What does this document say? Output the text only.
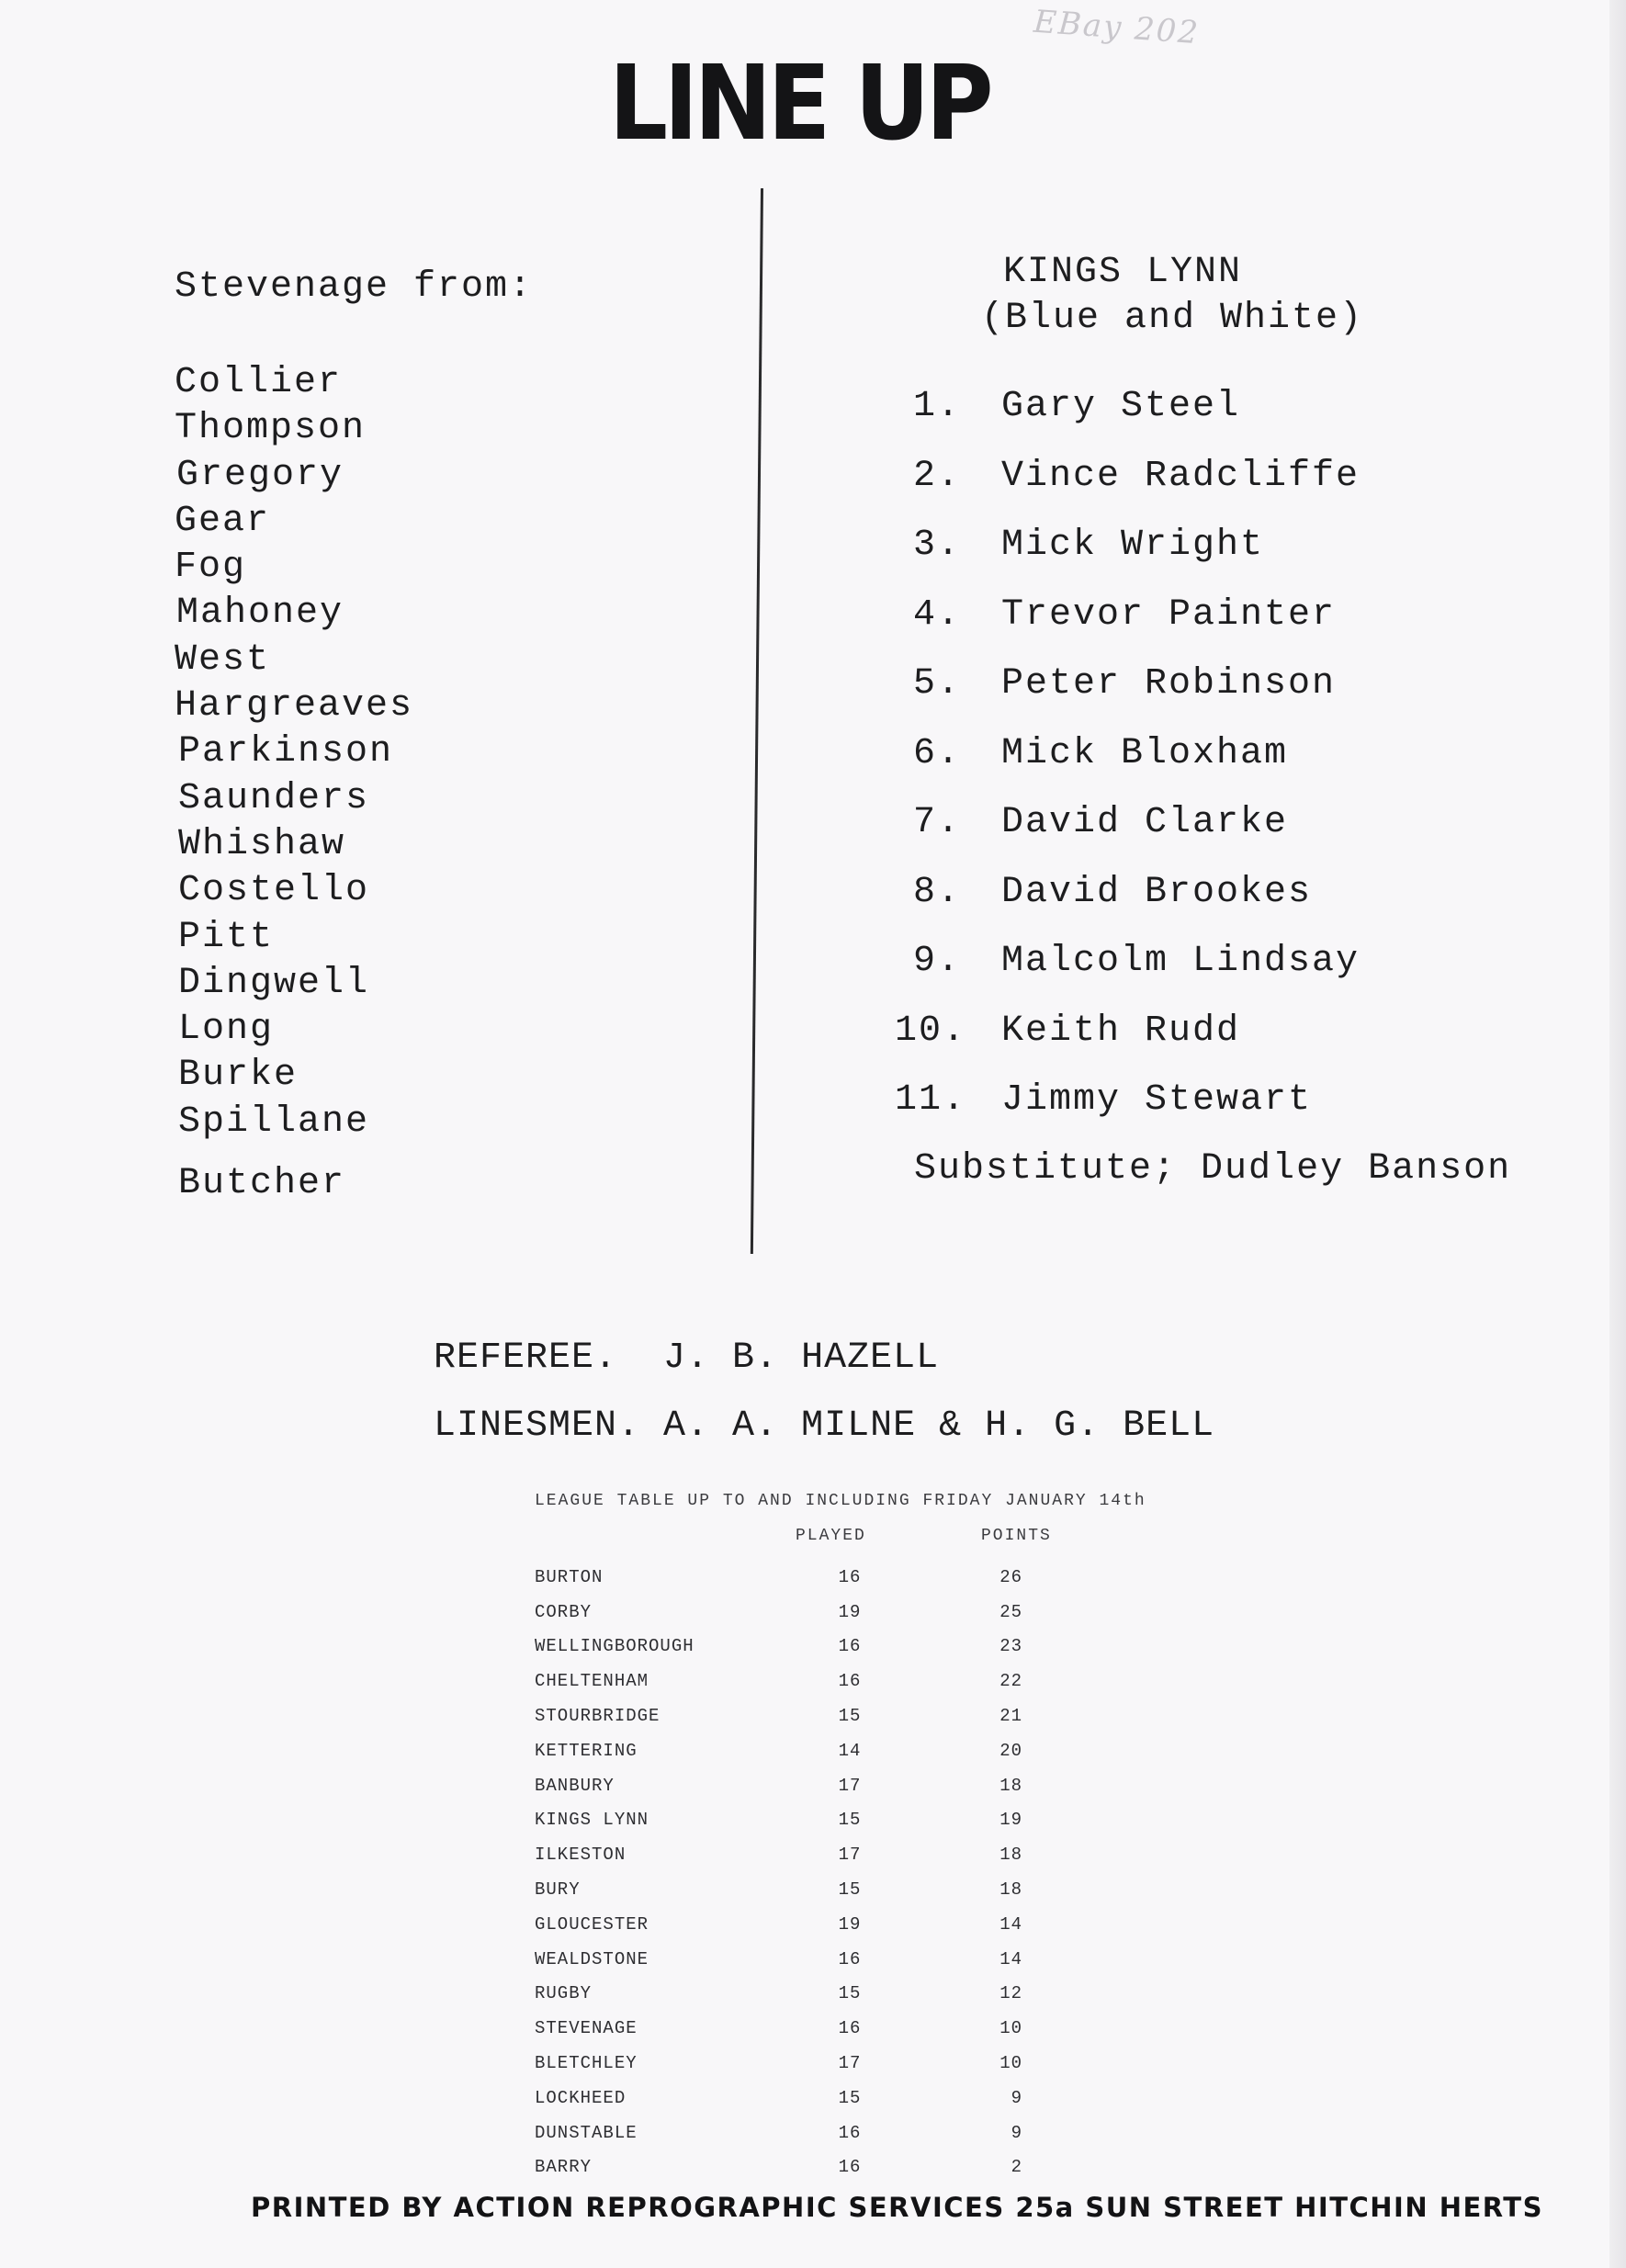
EBay 202
LINE UP
Stevenage from:
Collier
Thompson
Gregory
Gear
Fog
Mahoney
West
Hargreaves
Parkinson
Saunders
Whishaw
Costello
Pitt
Dingwell
Long
Burke
Spillane
Butcher
KINGS LYNN
(Blue and White)
1.	Gary Steel
2.	Vince Radcliffe
3.	Mick Wright
4.	Trevor Painter
5.	Peter Robinson
6.	Mick Bloxham
7.	David Clarke
8.	David Brookes
9.	Malcolm Lindsay
10. Keith Rudd
11. Jimmy Stewart
Substitute; Dudley Banson
REFEREE.  J. B. HAZELL
LINESMEN. A. A. MILNE & H. G. BELL
LEAGUE TABLE UP TO AND INCLUDING FRIDAY JANUARY 14th
PLAYED	POINTS
BURTON	16	26
CORBY	19	25
WELLINGBOROUGH	16	23
CHELTENHAM	16	22
STOURBRIDGE	15	21
KETTERING	14	20
BANBURY	17	18
KINGS LYNN	15	19
ILKESTON	17	18
BURY	15	18
GLOUCESTER	19	14
WEALDSTONE	16	14
RUGBY	15	12
STEVENAGE	16	10
BLETCHLEY	17	10
LOCKHEED	15	9
DUNSTABLE	16	9
BARRY	16	2
PRINTED BY ACTION REPROGRAPHIC SERVICES 25a SUN STREET HITCHIN HERTS
